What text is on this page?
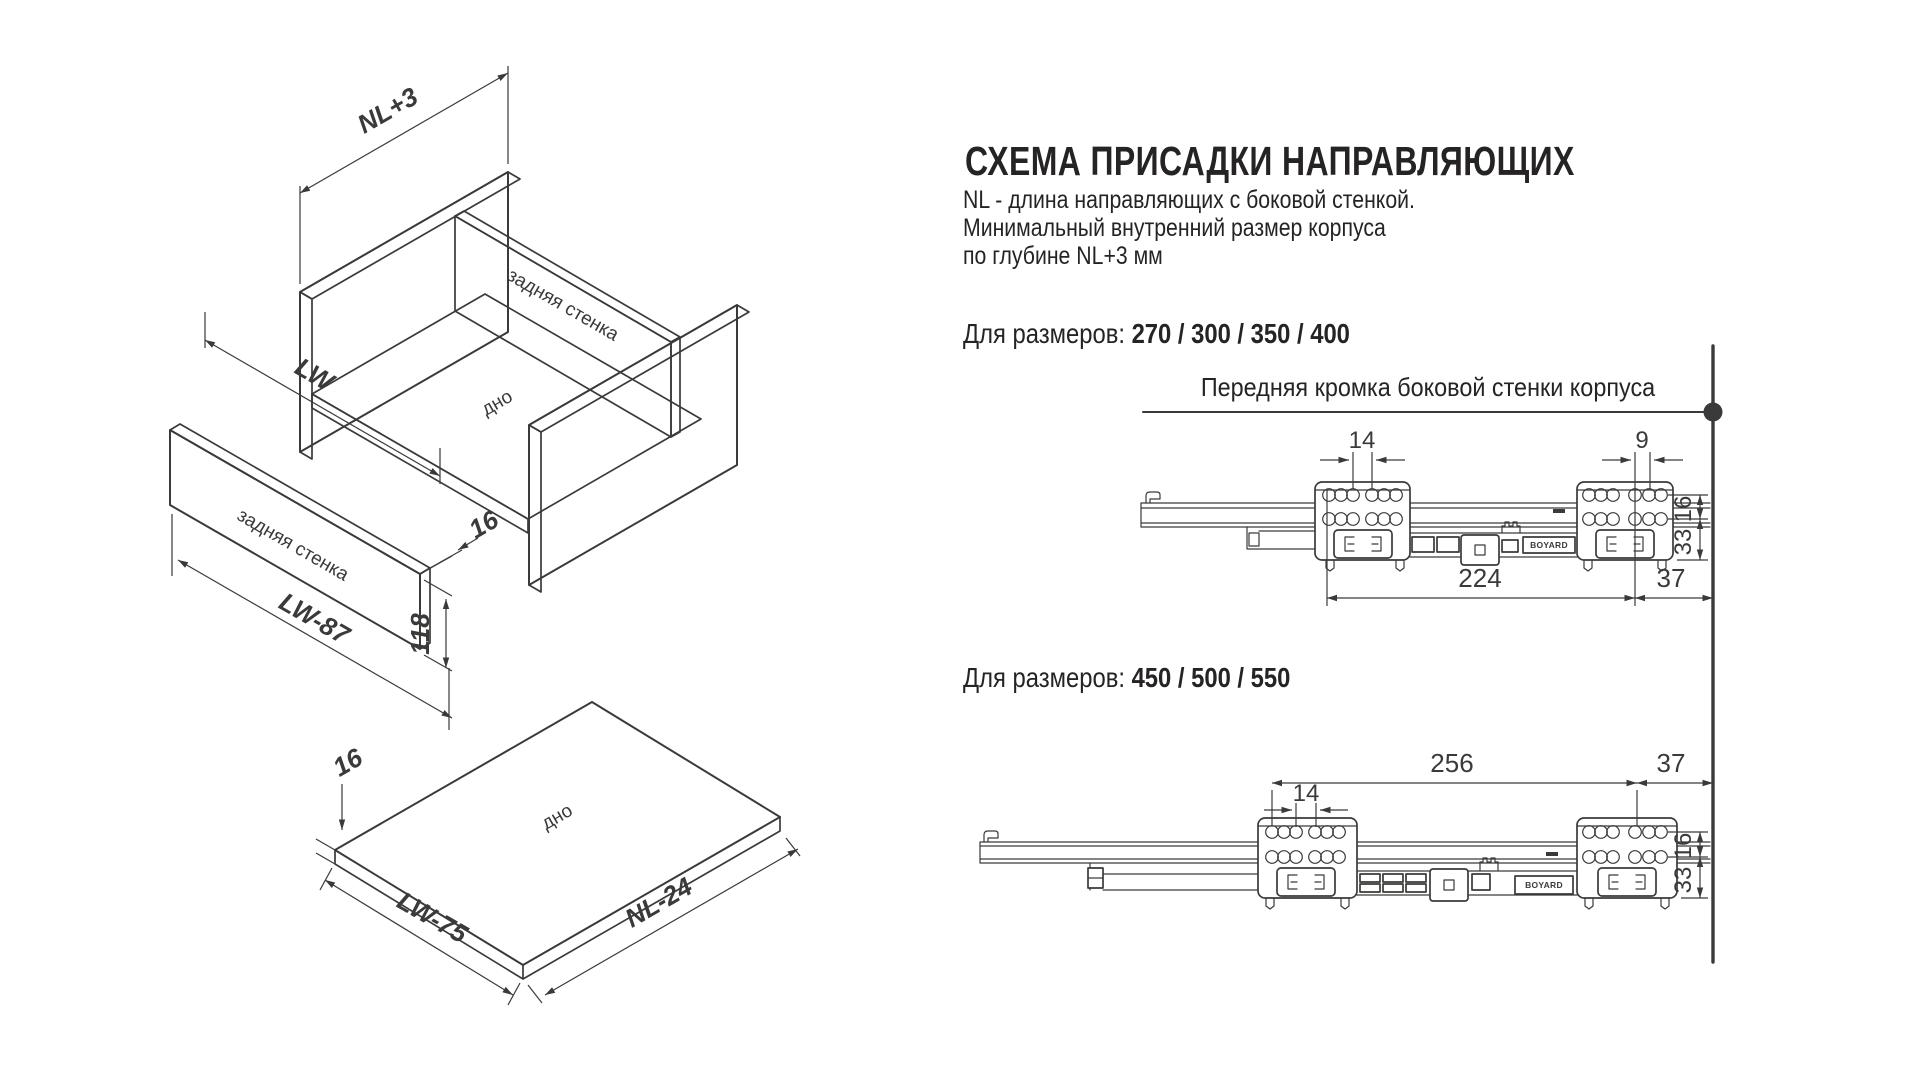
задняя стенка
дно
NL+3
LW
задняя стенка
LW-87
16
118
дно
16
LW-75	NL-24
BOYARD
14	9
224	37
16
33
BOYARD
256	37
14
16
33
СХЕМА ПРИСАДКИ НАПРАВЛЯЮЩИХ
NL - длина направляющих с боковой стенкой.
Минимальный внутренний размер корпуса
по глубине NL+3 мм
Для размеров: 270 / 300 / 350 / 400
Передняя кромка боковой стенки корпуса
Для размеров: 450 / 500 / 550
